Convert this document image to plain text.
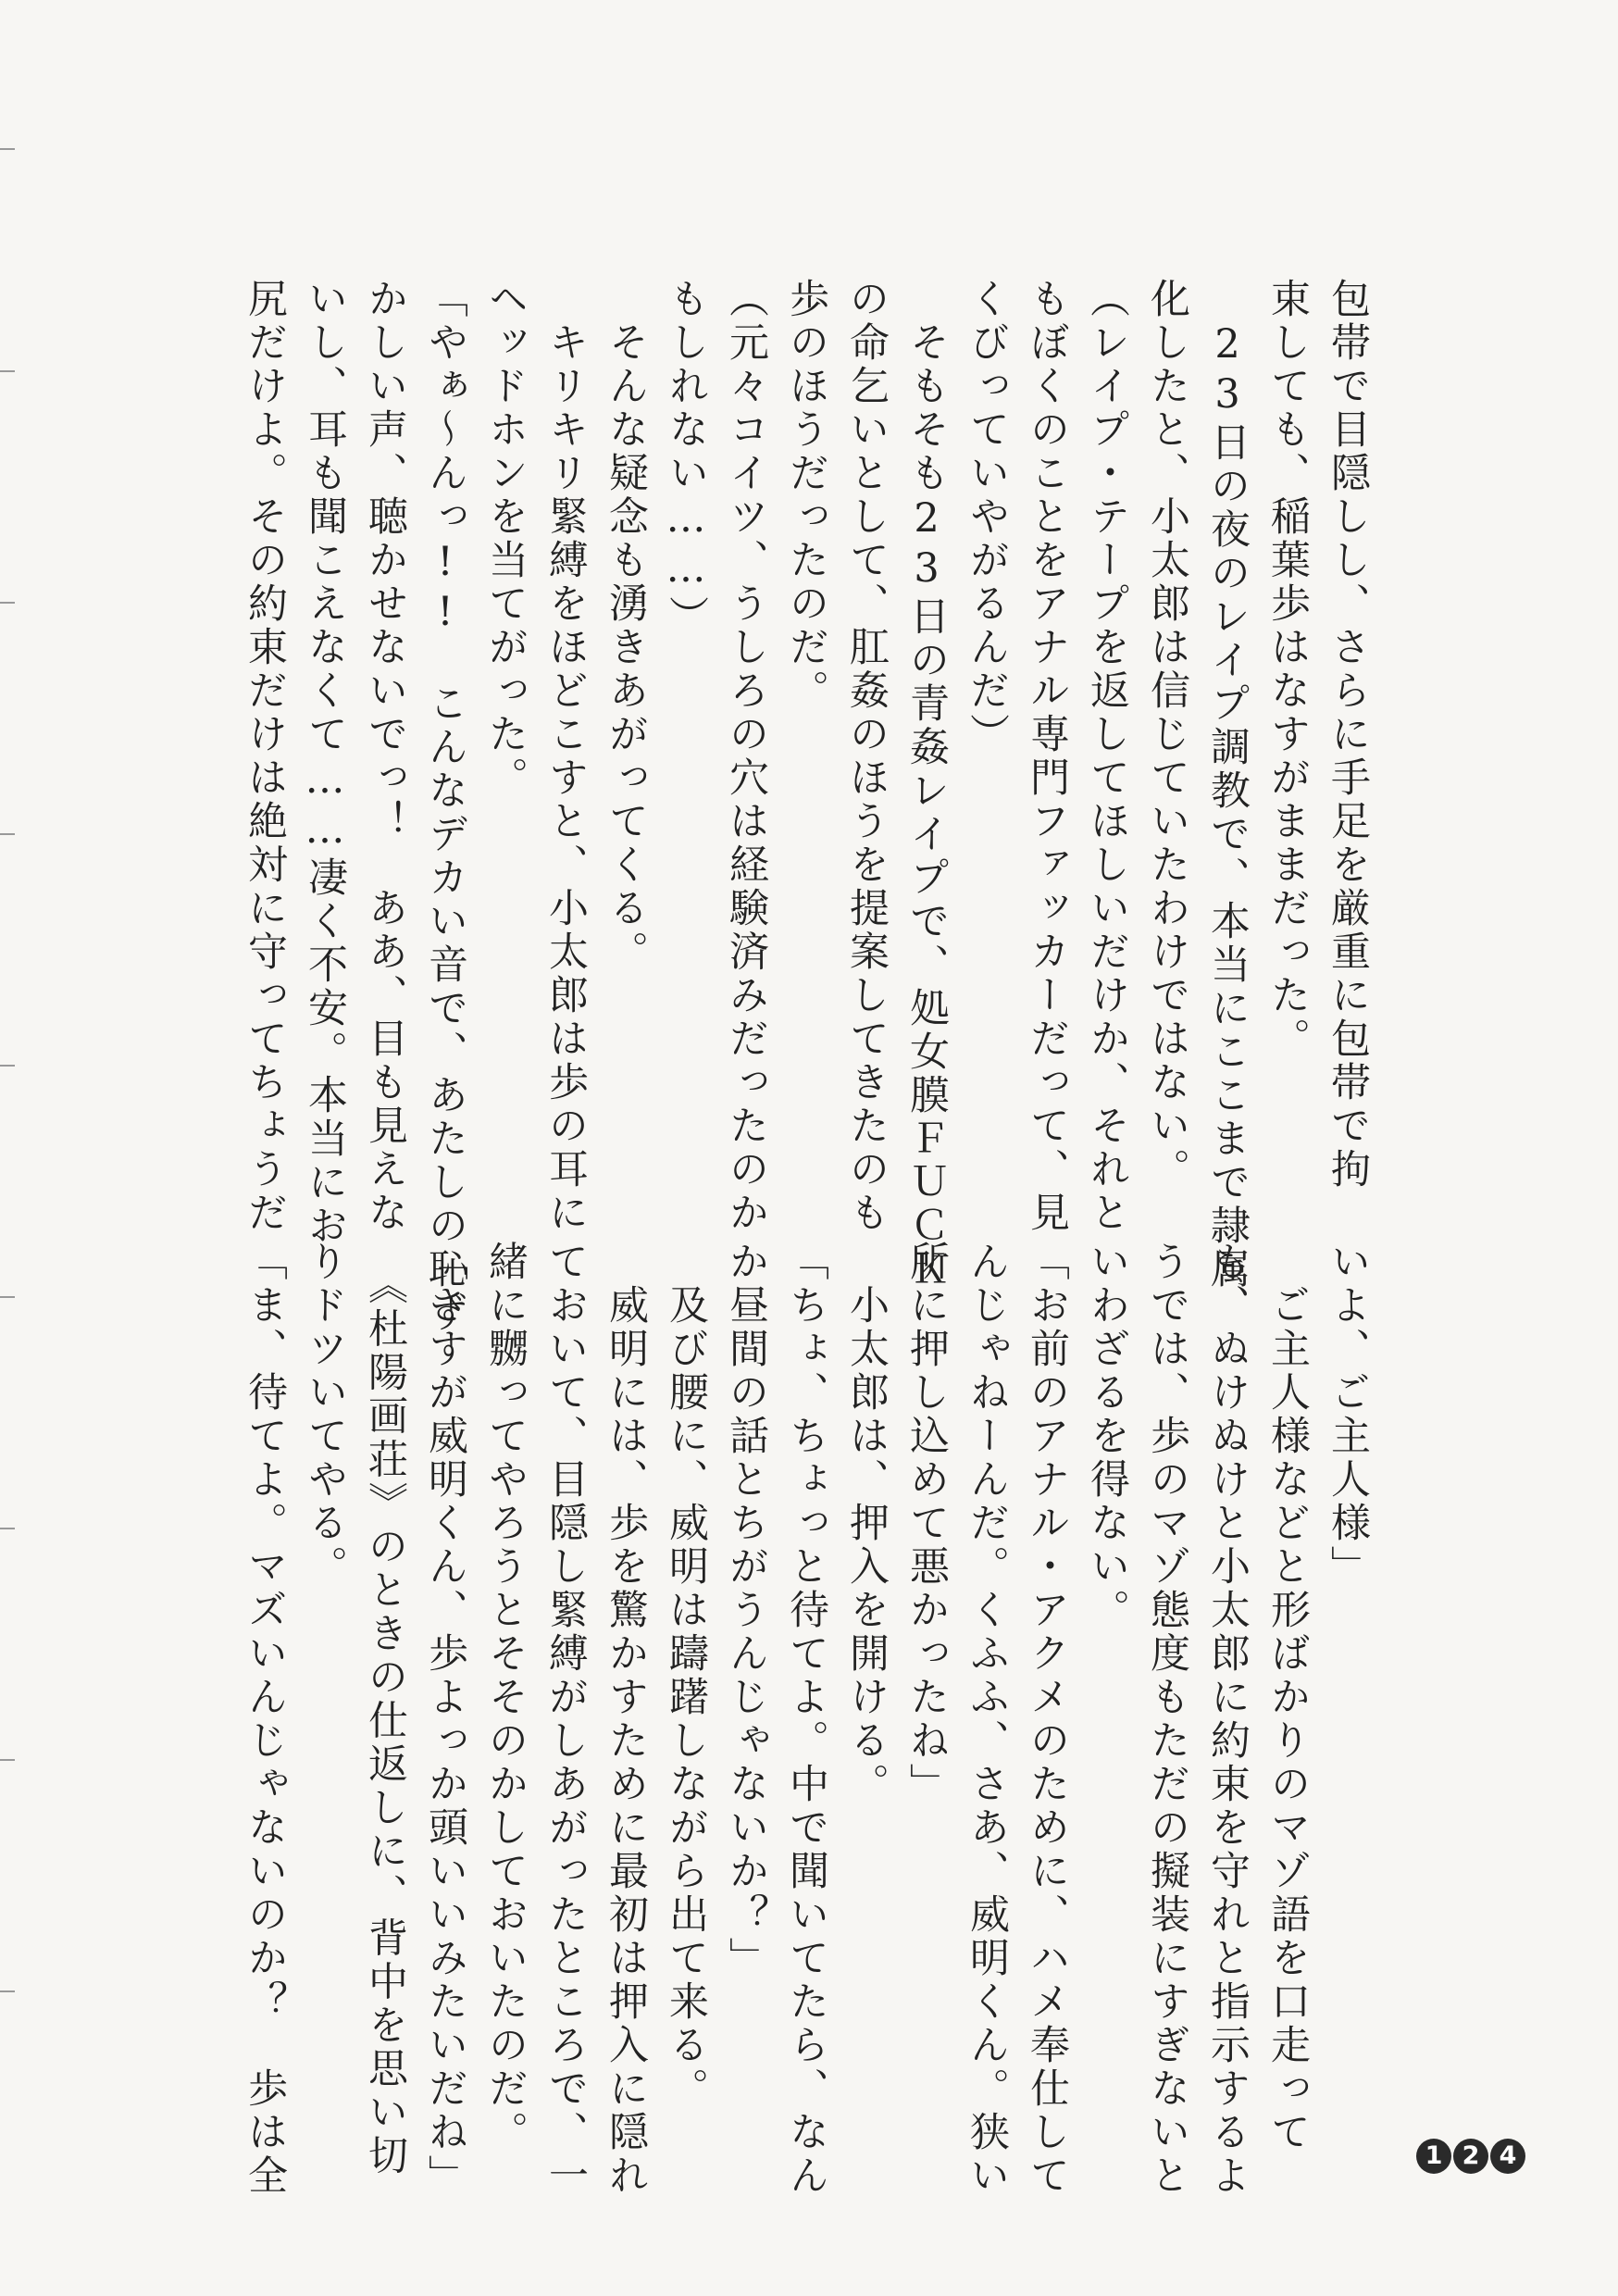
包帯で目隠しし、さらに手足を厳重に包帯で拘

束しても、稲葉歩はなすがままだった。

　23日の夜のレイプ調教で、本当にここまで隷属

化したと、小太郎は信じていたわけではない。

（レイプ・テープを返してほしいだけか、それと

もぼくのことをアナル専門ファッカーだって、見

くびっていやがるんだ）

　そもそも23日の青姦レイプで、処女膜ＦＵＣＫ

の命乞いとして、肛姦のほうを提案してきたのも

歩のほうだったのだ。

（元々コイツ、うしろの穴は経験済みだったのか

もしれない……）

　そんな疑念も湧きあがってくる。

　キリキリ緊縛をほどこすと、小太郎は歩の耳に

ヘッドホンを当てがった。

「やぁ〜んっ!!　こんなデカい音で、あたしの恥ず

かしい声、聴かせないでっ！　ああ、目も見えな

いし、耳も聞こえなくて……凄く不安。本当にお

尻だけよ。その約束だけは絶対に守ってちょうだ

いよ、ご主人様」

　ご主人様などと形ばかりのマゾ語を口走って

も、ぬけぬけと小太郎に約束を守れと指示するよ

うでは、歩のマゾ態度もただの擬装にすぎないと

いわざるを得ない。

「お前のアナル・アクメのために、ハメ奉仕して

んじゃねーんだ。くふふ、さあ、威明くん。狭い

所に押し込めて悪かったね」

　小太郎は、押入を開ける。

「ちょ、ちょっと待てよ。中で聞いてたら、なん

か昼間の話とちがうんじゃないか？」

　及び腰に、威明は躊躇しながら出て来る。

　威明には、歩を驚かすために最初は押入に隠れ

ておいて、目隠し緊縛がしあがったところで、一

緒に嬲ってやろうとそそのかしておいたのだ。

「さすが威明くん、歩よっか頭いいみたいだね」

　《杜陽画荘》のときの仕返しに、背中を思い切

りドツいてやる。

「ま、待てよ。マズいんじゃないのか？　歩は全	1 2 4
